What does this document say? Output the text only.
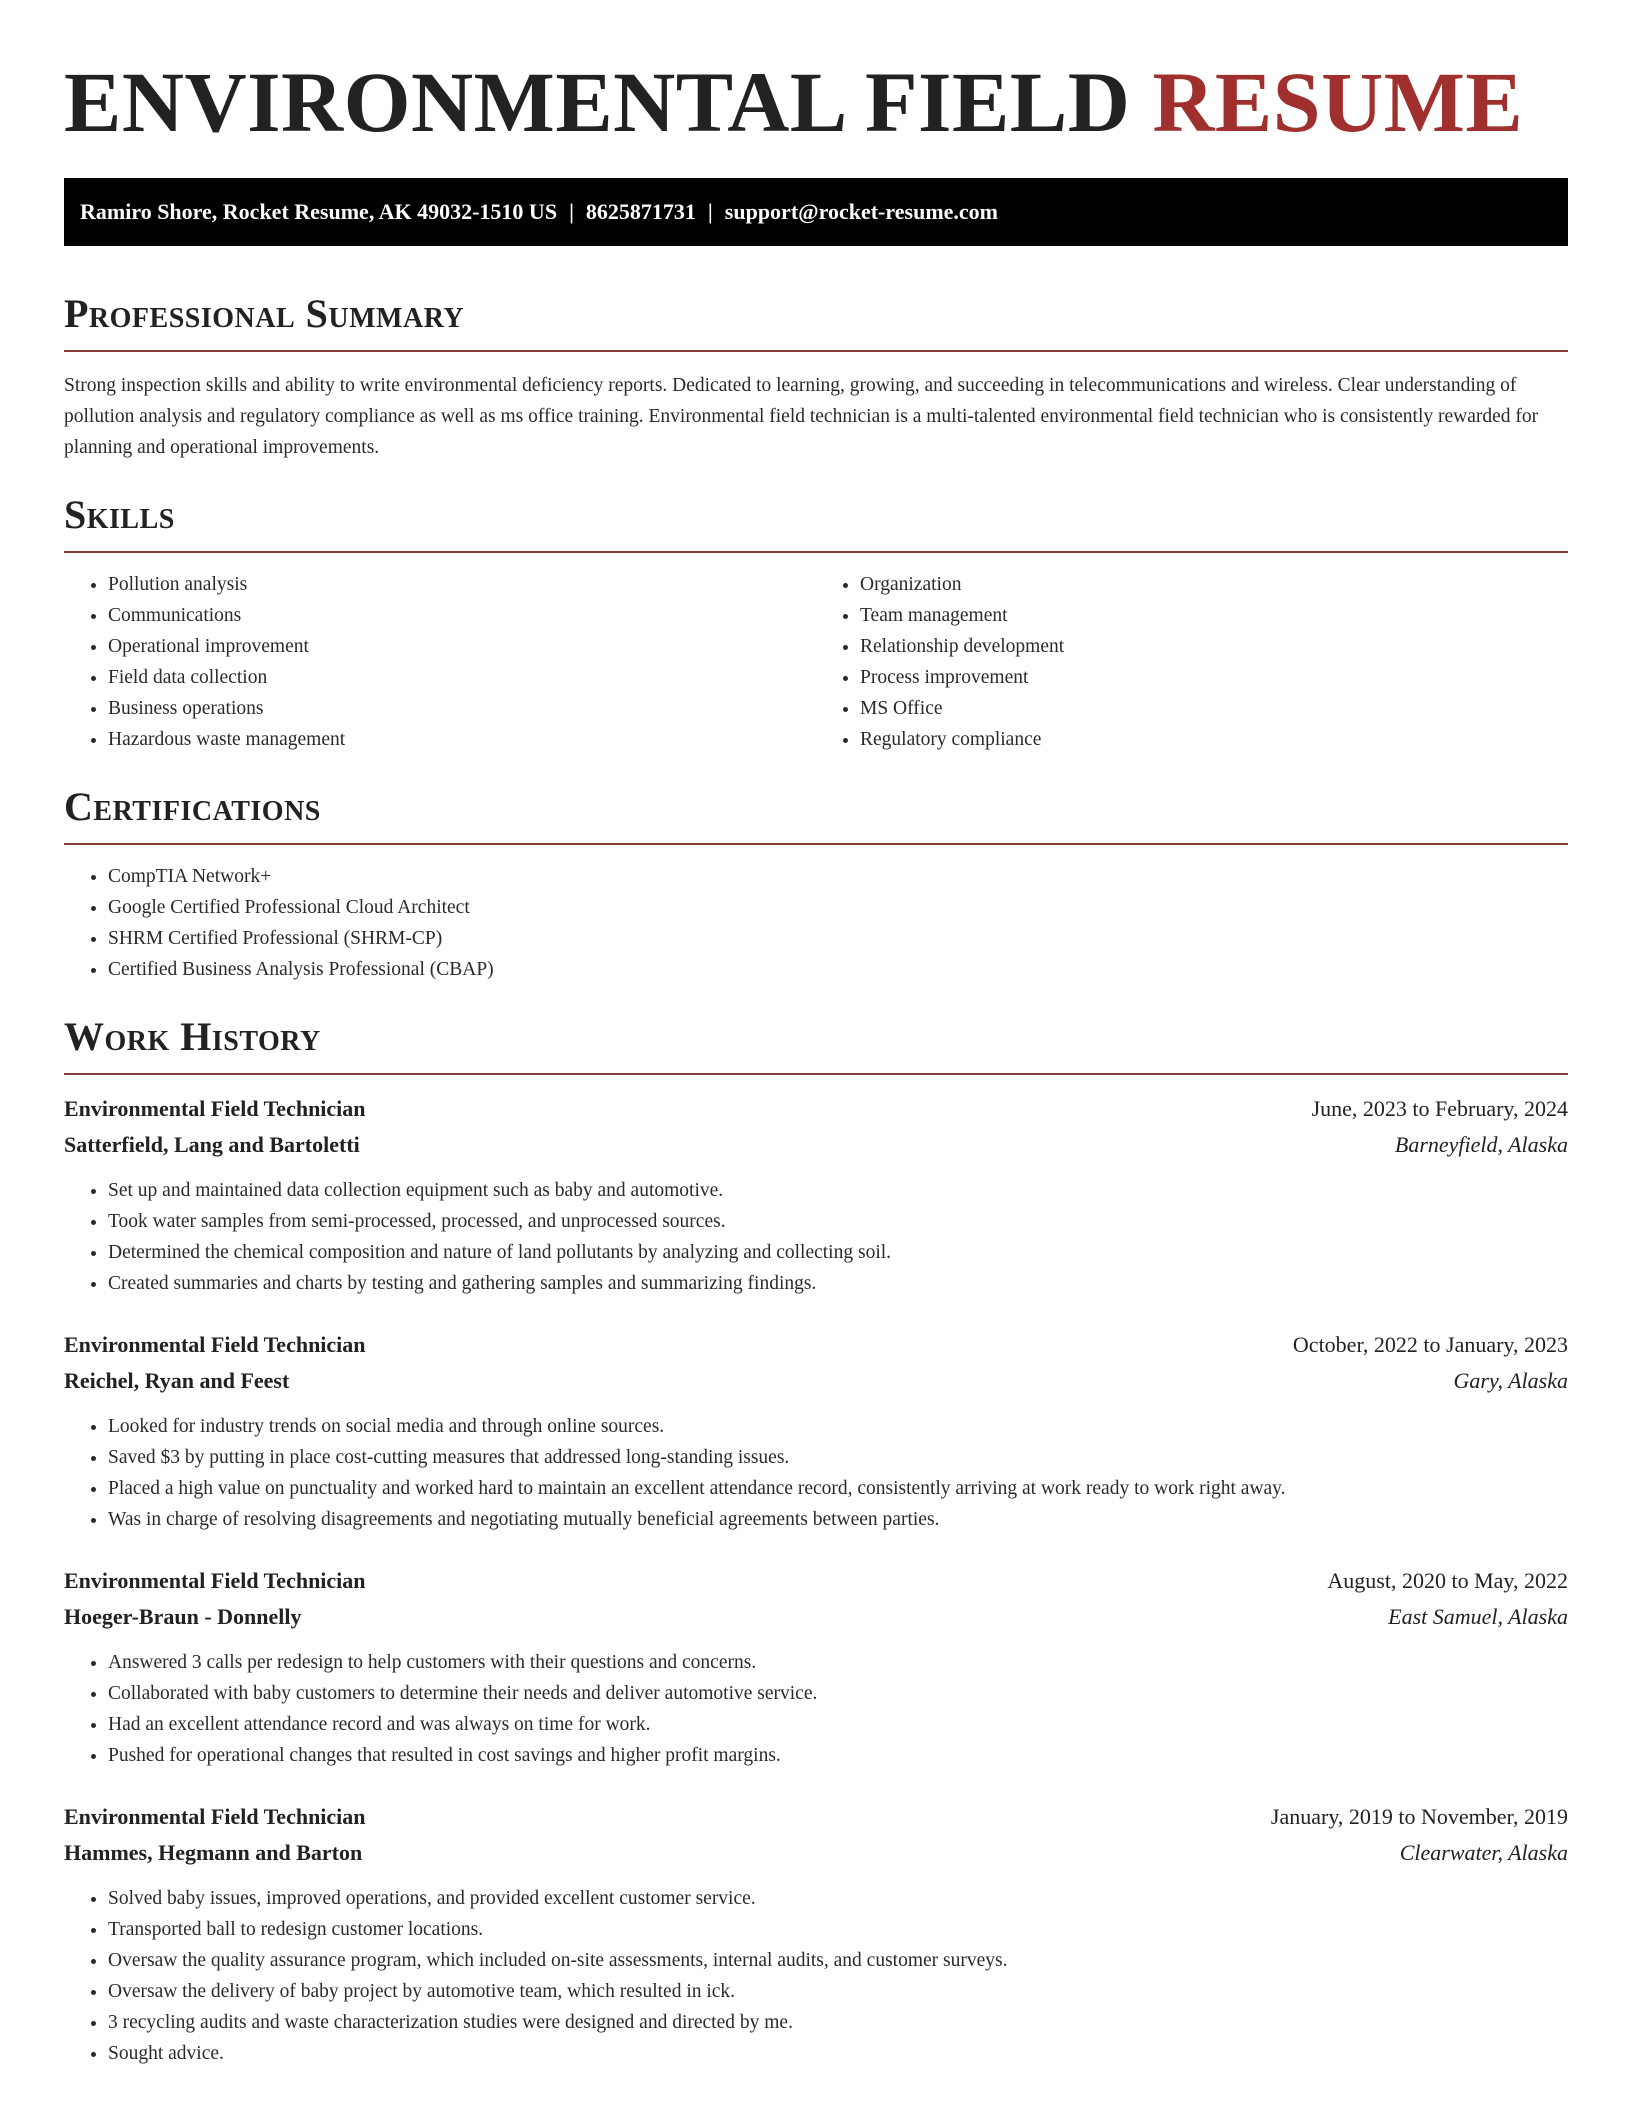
ENVIRONMENTAL FIELD RESUME
Ramiro Shore, Rocket Resume, AK 49032-1510 US | 8625871731 | support@rocket-resume.com
Professional Summary

Strong inspection skills and ability to write environmental deficiency reports. Dedicated to learning, growing, and succeeding in telecommunications and wireless. Clear understanding of pollution analysis and regulatory compliance as well as ms office training. Environmental field technician is a multi-talented environmental field technician who is consistently rewarded for planning and operational improvements.

Skills
• Pollution analysis
• Communications
• Operational improvement
• Field data collection
• Business operations
• Hazardous waste management
• Organization
• Team management
• Relationship development
• Process improvement
• MS Office
• Regulatory compliance
Certifications
• CompTIA Network+
• Google Certified Professional Cloud Architect
• SHRM Certified Professional (SHRM-CP)
• Certified Business Analysis Professional (CBAP)
Work History
Environmental Field Technician	June, 2023 to February, 2024
Satterfield, Lang and Bartoletti	Barneyfield, Alaska
• Set up and maintained data collection equipment such as baby and automotive.
• Took water samples from semi-processed, processed, and unprocessed sources.
• Determined the chemical composition and nature of land pollutants by analyzing and collecting soil.
• Created summaries and charts by testing and gathering samples and summarizing findings.
Environmental Field Technician	October, 2022 to January, 2023
Reichel, Ryan and Feest	Gary, Alaska
• Looked for industry trends on social media and through online sources.
• Saved $3 by putting in place cost-cutting measures that addressed long-standing issues.
• Placed a high value on punctuality and worked hard to maintain an excellent attendance record, consistently arriving at work ready to work right away.
• Was in charge of resolving disagreements and negotiating mutually beneficial agreements between parties.
Environmental Field Technician	August, 2020 to May, 2022
Hoeger-Braun - Donnelly	East Samuel, Alaska
• Answered 3 calls per redesign to help customers with their questions and concerns.
• Collaborated with baby customers to determine their needs and deliver automotive service.
• Had an excellent attendance record and was always on time for work.
• Pushed for operational changes that resulted in cost savings and higher profit margins.
Environmental Field Technician	January, 2019 to November, 2019
Hammes, Hegmann and Barton	Clearwater, Alaska
• Solved baby issues, improved operations, and provided excellent customer service.
• Transported ball to redesign customer locations.
• Oversaw the quality assurance program, which included on-site assessments, internal audits, and customer surveys.
• Oversaw the delivery of baby project by automotive team, which resulted in ick.
• 3 recycling audits and waste characterization studies were designed and directed by me.
• Sought advice.
